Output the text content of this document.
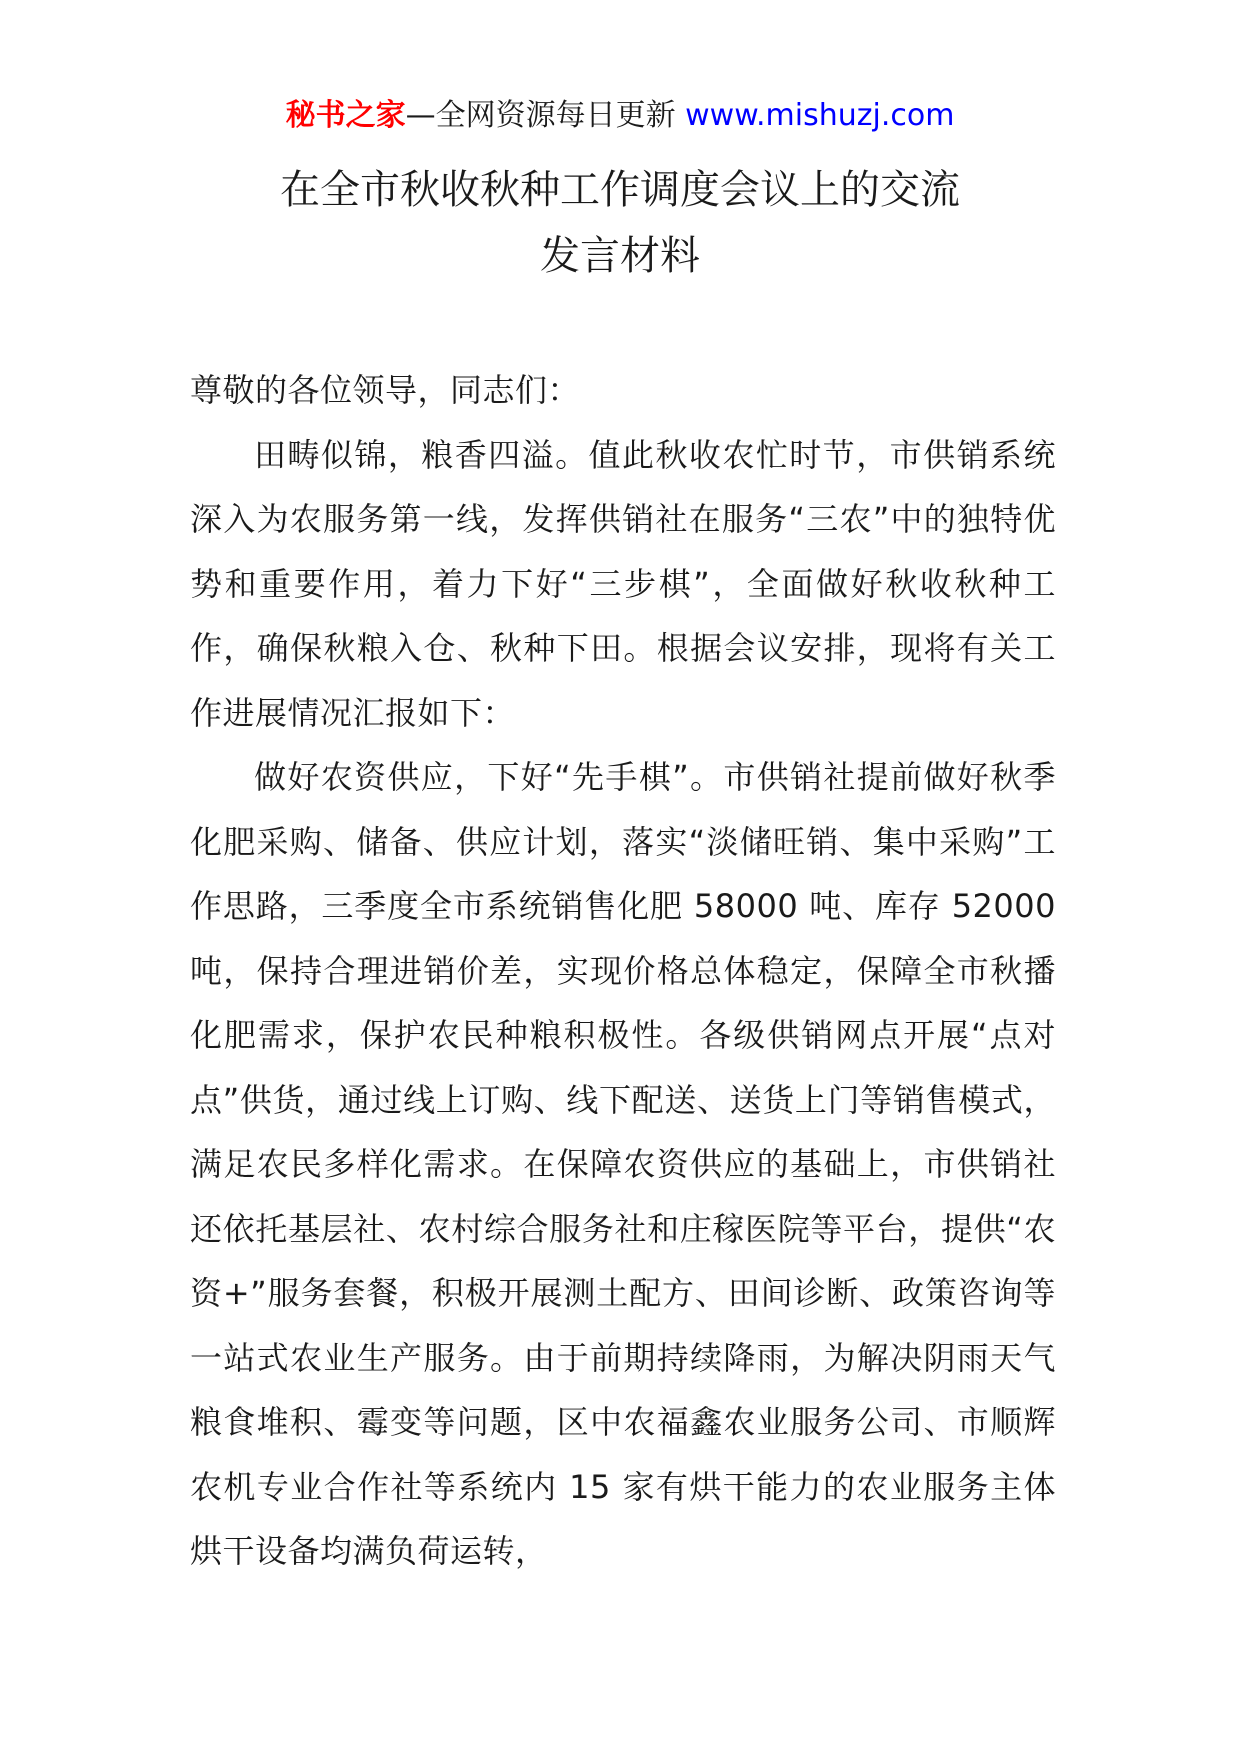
秘书之家—全网资源每日更新 www.mishuzj.com
在全市秋收秋种工作调度会议上的交流
发言材料

尊敬的各位领导，同志们：

田畴似锦，粮香四溢。值此秋收农忙时节，市供销系统深入为农服务第一线，发挥供销社在服务“三农”中的独特优势和重要作用，着力下好“三步棋”，全面做好秋收秋种工作，确保秋粮入仓、秋种下田。根据会议安排，现将有关工作进展情况汇报如下：

做好农资供应，下好“先手棋”。市供销社提前做好秋季化肥采购、储备、供应计划，落实“淡储旺销、集中采购”工作思路，三季度全市系统销售化肥 58000 吨、库存 52000 吨，保持合理进销价差，实现价格总体稳定，保障全市秋播化肥需求，保护农民种粮积极性。各级供销网点开展“点对点”供货，通过线上订购、线下配送、送货上门等销售模式，满足农民多样化需求。在保障农资供应的基础上，市供销社还依托基层社、农村综合服务社和庄稼医院等平台，提供“农资+”服务套餐，积极开展测土配方、田间诊断、政策咨询等一站式农业生产服务。由于前期持续降雨，为解决阴雨天气粮食堆积、霉变等问题，区中农福鑫农业服务公司、市顺辉农机专业合作社等系统内 15 家有烘干能力的农业服务主体烘干设备均满负荷运转，
